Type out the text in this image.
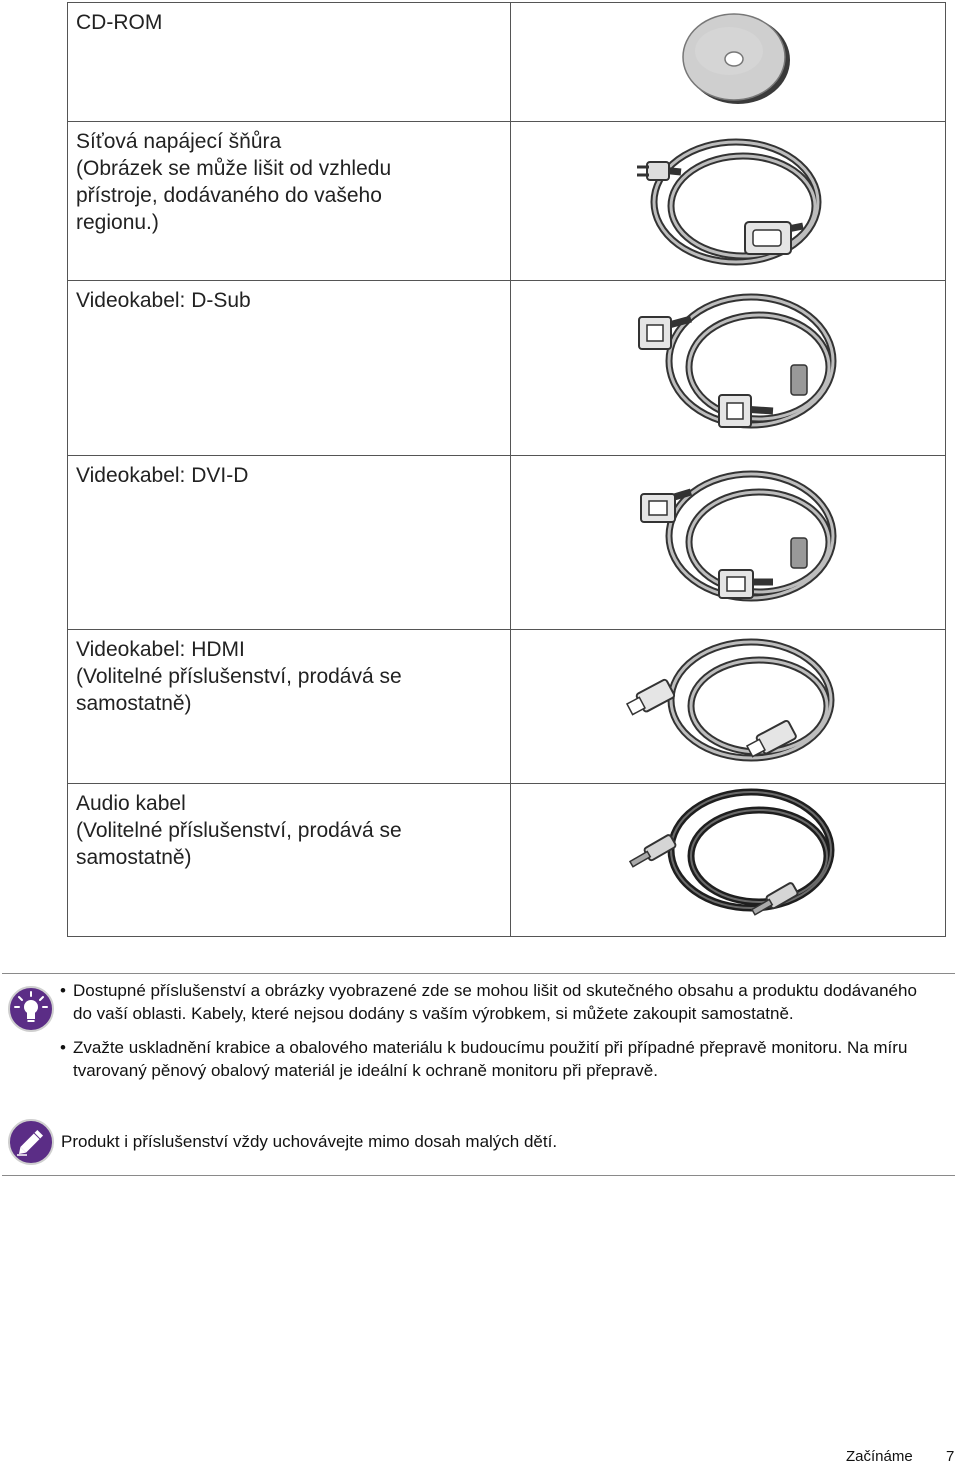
CD-ROM

Síťová napájecí šňůra
(Obrázek se může lišit od vzhledu
přístroje, dodávaného do vašeho
regionu.)

Videokabel: D-Sub

Videokabel: DVI-D

Videokabel: HDMI
(Volitelné příslušenství, prodává se
samostatně)

Audio kabel
(Volitelné příslušenství, prodává se
samostatně)

• Dostupné příslušenství a obrázky vyobrazené zde se mohou lišit od skutečného obsahu a produktu dodávaného do vaší oblasti. Kabely, které nejsou dodány s vaším výrobkem, si můžete zakoupit samostatně.

• Zvažte uskladnění krabice a obalového materiálu k budoucímu použití při případné přepravě monitoru. Na míru tvarovaný pěnový obalový materiál je ideální k ochraně monitoru při přepravě.

Produkt i příslušenství vždy uchovávejte mimo dosah malých dětí.
Začínáme 7
